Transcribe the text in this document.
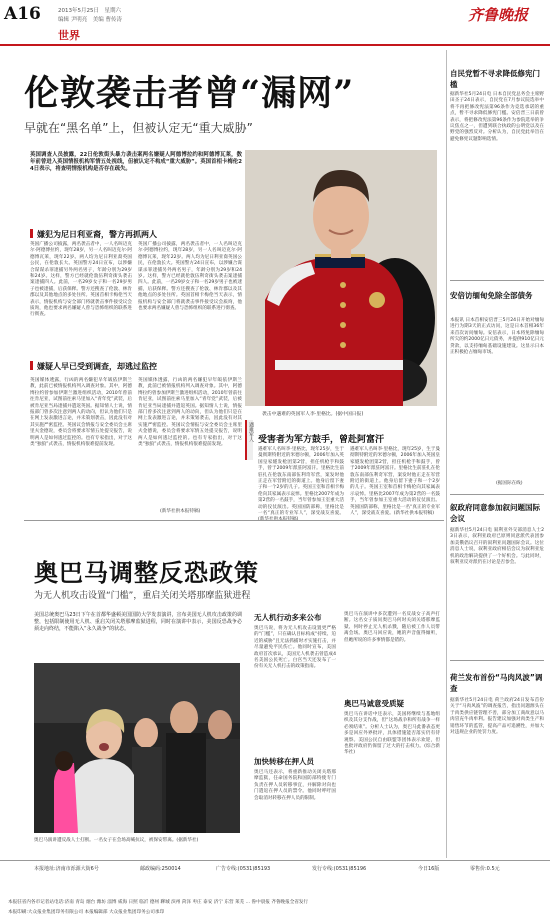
A16	2013年5月25日　星期六
编辑 尹明亮　美编 曹传涛
世界
齐鲁晚报
伦敦袭击者曾“漏网”
早就在“黑名单”上，但被认定无“重大威胁”
英国调查人员披露，22日伦敦街头暴力袭击案两名嫌疑人阿德博拉约和阿德博瓦莱，数年前曾进入英国情报机构军情五处视线，但被认定不构成“重大威胁”。英国首相卡梅伦24日表示，将查明情报机构是否存在疏失。
嫌犯为尼日利亚裔，警方再抓两人
英国广播公司披露，两名袭击者中，一人名叫迈克尔·阿德博拉约，现年28岁，另一人名叫迈克尔·阿德博瓦莱，现年22岁。两人均为尼日利亚裔英国公民，在伦敦长大。英国警方24日宣布，以涉嫌合谋谋杀罪逮捕另外两名男子，年龄分别为29岁和24岁。这样，警方已经就伦敦伍利奇街头袭击案逮捕四人。此前，一名29岁女子和一名29岁男子也被逮捕，后获保释。警方还搜查了伦敦、林肯郡以及其他地点的多处住所。英国首相卡梅伦当天表示，情报机构与安全部门将就袭击事件接受议会质询，他也要求两名嫌疑人曾与恐怖组织的联系进行彻查。
英国广播公司披露，两名袭击者中，一人名叫迈克尔·阿德博拉约，现年28岁，另一人名叫迈克尔·阿德博瓦莱，现年22岁。两人均为尼日利亚裔英国公民，在伦敦长大。英国警方24日宣布，以涉嫌合谋谋杀罪逮捕另外两名男子，年龄分别为29岁和24岁。这样，警方已经就伦敦伍利奇街头袭击案逮捕四人。此前，一名29岁女子和一名29岁男子也被逮捕，后获保释。警方还搜查了伦敦、林肯郡以及其他地点的多处住所。英国首相卡梅伦当天表示，情报机构与安全部门将就袭击事件接受议会质询，他也要求两名嫌疑人曾与恐怖组织的联系进行彻查。
嫌疑人早已受到调查，却逃过监控
英国媒体透露，行凶的两名嫌犯早年皈依伊斯兰教，此前已被情报机构列入调查对象。其中，阿德博拉约曾参加伊斯兰激进组织活动，2010年曾前往肯尼亚，试图前往索马里加入“青年党”武装，后被肯尼亚当局逮捕并遣返英国。据知情人士说，情报部门曾多次注意到两人的动向，但认为他们只是在网上发表激进言论，并未策划袭击，因此没有对其实施严密监控。英国议会情报与安全委员会主席里夫金德说，委员会将要求军情五处提交报告，说明两人是如何逃过监控的。也有专家指出，对于这类“独狼”式袭击，情报机构很难提前发现。
英国媒体透露，行凶的两名嫌犯早年皈依伊斯兰教，此前已被情报机构列入调查对象。其中，阿德博拉约曾参加伊斯兰激进组织活动，2010年曾前往肯尼亚，试图前往索马里加入“青年党”武装，后被肯尼亚当局逮捕并遣返英国。据知情人士说，情报部门曾多次注意到两人的动向，但认为他们只是在网上发表激进言论，并未策划袭击，因此没有对其实施严密监控。英国议会情报与安全委员会主席里夫金德说，委员会将要求军情五处提交报告，说明两人是如何逃过监控的。也有专家指出，对于这类“独狼”式袭击，情报机构很难提前发现。
(新华社供本报特稿)
袭击中遇难的英国军人李·里格比。(据中国日报)
遇难军人 受害者为军方鼓手，曾赴阿富汗
遇难军人名叫李·里格比，现年25岁，生于曼彻斯特附近的米德尔顿，2006年加入英国皇家燧发枪团第2营，担任机枪手和鼓手，曾于2009年派驻阿富汗。里格比生前驻扎在伦敦东南部伍利奇军营，案发时他正走在军营附近的街道上。他身后留下妻子和一个2岁的儿子。英国王室和首相卡梅伦向其家属表示哀悼。里格比2007年成为第2营的一名鼓手，当年曾参加王室重大活动的仪仗演出。英国国防部称，里格比是一名“真正的专业军人”，深受战友喜爱。
遇难军人名叫李·里格比，现年25岁，生于曼彻斯特附近的米德尔顿，2006年加入英国皇家燧发枪团第2营，担任机枪手和鼓手，曾于2009年派驻阿富汗。里格比生前驻扎在伦敦东南部伍利奇军营，案发时他正走在军营附近的街道上。他身后留下妻子和一个2岁的儿子。英国王室和首相卡梅伦向其家属表示哀悼。里格比2007年成为第2营的一名鼓手，当年曾参加王室重大活动的仪仗演出。英国国防部称，里格比是一名“真正的专业军人”，深受战友喜爱。(新华社供本报特稿)
奥巴马调整反恐政策
为无人机攻击设置“门槛”，重启关闭关塔那摩监狱进程
美国总统奥巴马23日下午在首都华盛顿美国国防大学发表演讲，宣布美国无人机攻击政策的调整，包括限制使用无人机、重启关闭关塔那摩监狱进程，同时在演讲中表示，美国反恐战争必须走向终结，不能陷入“永久战争”的状态。
奥巴马演讲遭反战人士打断。一名女子在会场高喊抗议，被保安带离。(据新华社)
无人机行动多来公布
奥巴马说，将为无人机攻击设置更严格的“门槛”，只在确认目标构成“持续、迫近的威胁”且无法抓捕时才实施打击，并尽量避免平民伤亡。他同时宣布，美国政府首次承认，美国无人机袭击曾造成4名美国公民死亡。白宫当天还发布了一份有关无人机打击的政策指南。
加快转移在押人员
奥巴马还表示，将重新推动关闭关塔那摩监狱，任命国务院和国防部特使专门负责在押人员转移事宜，并解除对向也门遣返在押人员的禁令。他同时呼吁国会取消对转移在押人员的限制。
奥巴马在演讲中多次遭到一名反战女子高声打断。这名女子质问奥巴马何时关闭关塔那摩监狱、何时停止无人机杀戮，随后被工作人员带离会场。奥巴马回应说，她的声音值得倾听，但她所说的许多事情都是错的。
奥巴马诚意受质疑
奥巴马在讲话中还表示，美国将继续与基地组织及其分支作战，但“这场战争和所有战争一样必须结束”。分析人士认为，奥巴马此番表态更多是回应外界批评，具体措施能否落实仍有待观察。美国公民自由联盟等团体表示欢迎，但也批评政府仍保留了过大的打击权力。(综合新华社)
自民党暂不寻求降低修宪门槛
据新华社5月24日电 日本自民党总务会主席野田圣子24日表示，自民党在7月参议院选举中将不再把修改宪法第96条作为竞选承诺的重点，暂不寻求降低修宪门槛。安倍晋三日前曾表示，将把修改宪法第96条作为参院选举的争议焦点之一，但遭到联合执政的公明党以及在野党的强烈反对。分析认为，自民党此举旨在避免修宪议题影响选情。
安倍访缅甸免除全部债务
本报讯 日本首相安倍晋三5月24日开始对缅甸进行为期3天的正式访问，这是日本首相36年来首次访问缅甸。安倍表示，日本将免除缅甸所欠的约2000亿日元债务，并提供910亿日元贷款，以支持缅甸基础设施建设。这显示日本正积极抢占缅甸市场。
(据国际在线)
叙政府同意参加叙问题国际会议
据新华社5月24日电 叙利亚外交部消息人士23日表示，叙利亚政府已原则同意派代表团参加美俄倡议召开的叙利亚问题国际会议。这位消息人士说，叙利亚政府相信会议为叙利亚危机的政治解决提供了一个好机会。与此同时，叙利亚反对派仍在讨论是否参会。
荷兰发布首份“马肉风波”调查
据新华社5月24日电 荷兰政府24日发布首份关于“马肉风波”的调查报告，指出问题源头在于肉类供应链管理不善，部分加工商故意以马肉冒充牛肉牟利。报告建议加强对肉类生产和销售环节的监管，提高产品可追溯性，并加大对违规企业的处罚力度。
本报地址:济南市泺源大街6号	邮政编码:250014	广告专线:(0531)85193	发行专线:(0531)85196	今日16版	零售价:0.5元
本报驻省内各市记者站电话:济南 青岛 烟台 潍坊 淄博 威海 日照 临沂 德州 聊城 滨州 菏泽 枣庄 泰安 济宁 东营 莱芜 ... 鲁中晨报 齐鲁晚报全省发行
本报印刷:大众报业集团印务有限公司 本报编辑部 大众报业集团印务公司承印
